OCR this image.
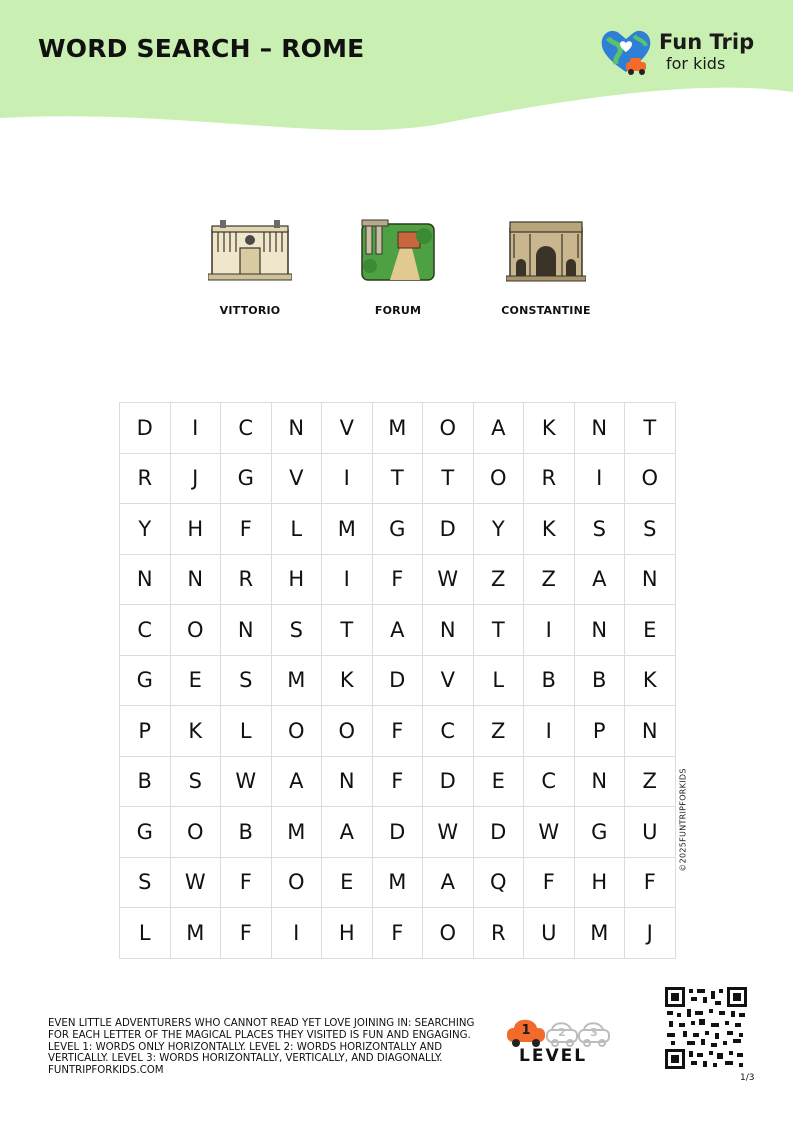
WORD SEARCH – ROME	Fun Trip
for kids
VITTORIO	FORUM	CONSTANTINE
D	I	C	N	V	M	O	A	K	N	T
R	J	G	V	I	T	T	O	R	I	O
Y	H	F	L	M	G	D	Y	K	S	S
N	N	R	H	I	F	W	Z	Z	A	N
C	O	N	S	T	A	N	T	I	N	E
G	E	S	M	K	D	V	L	B	B	K
P	K	L	O	O	F	C	Z	I	P	N
B	S	W	A	N	F	D	E	C	N	Z
G	O	B	M	A	D	W	D	W	G	U
S	W	F	O	E	M	A	Q	F	H	F
L	M	F	I	H	F	O	R	U	M	J
©2025FUNTRIPFORKIDS
EVEN LITTLE ADVENTURERS WHO CANNOT READ YET LOVE JOINING IN: SEARCHING FOR EACH LETTER OF THE MAGICAL PLACES THEY VISITED IS FUN AND ENGAGING. LEVEL 1: WORDS ONLY HORIZONTALLY. LEVEL 2: WORDS HORIZONTALLY AND VERTICALLY. LEVEL 3: WORDS HORIZONTALLY, VERTICALLY, AND DIAGONALLY. FUNTRIPFORKIDS.COM
1	2 3
LEVEL
1/3
